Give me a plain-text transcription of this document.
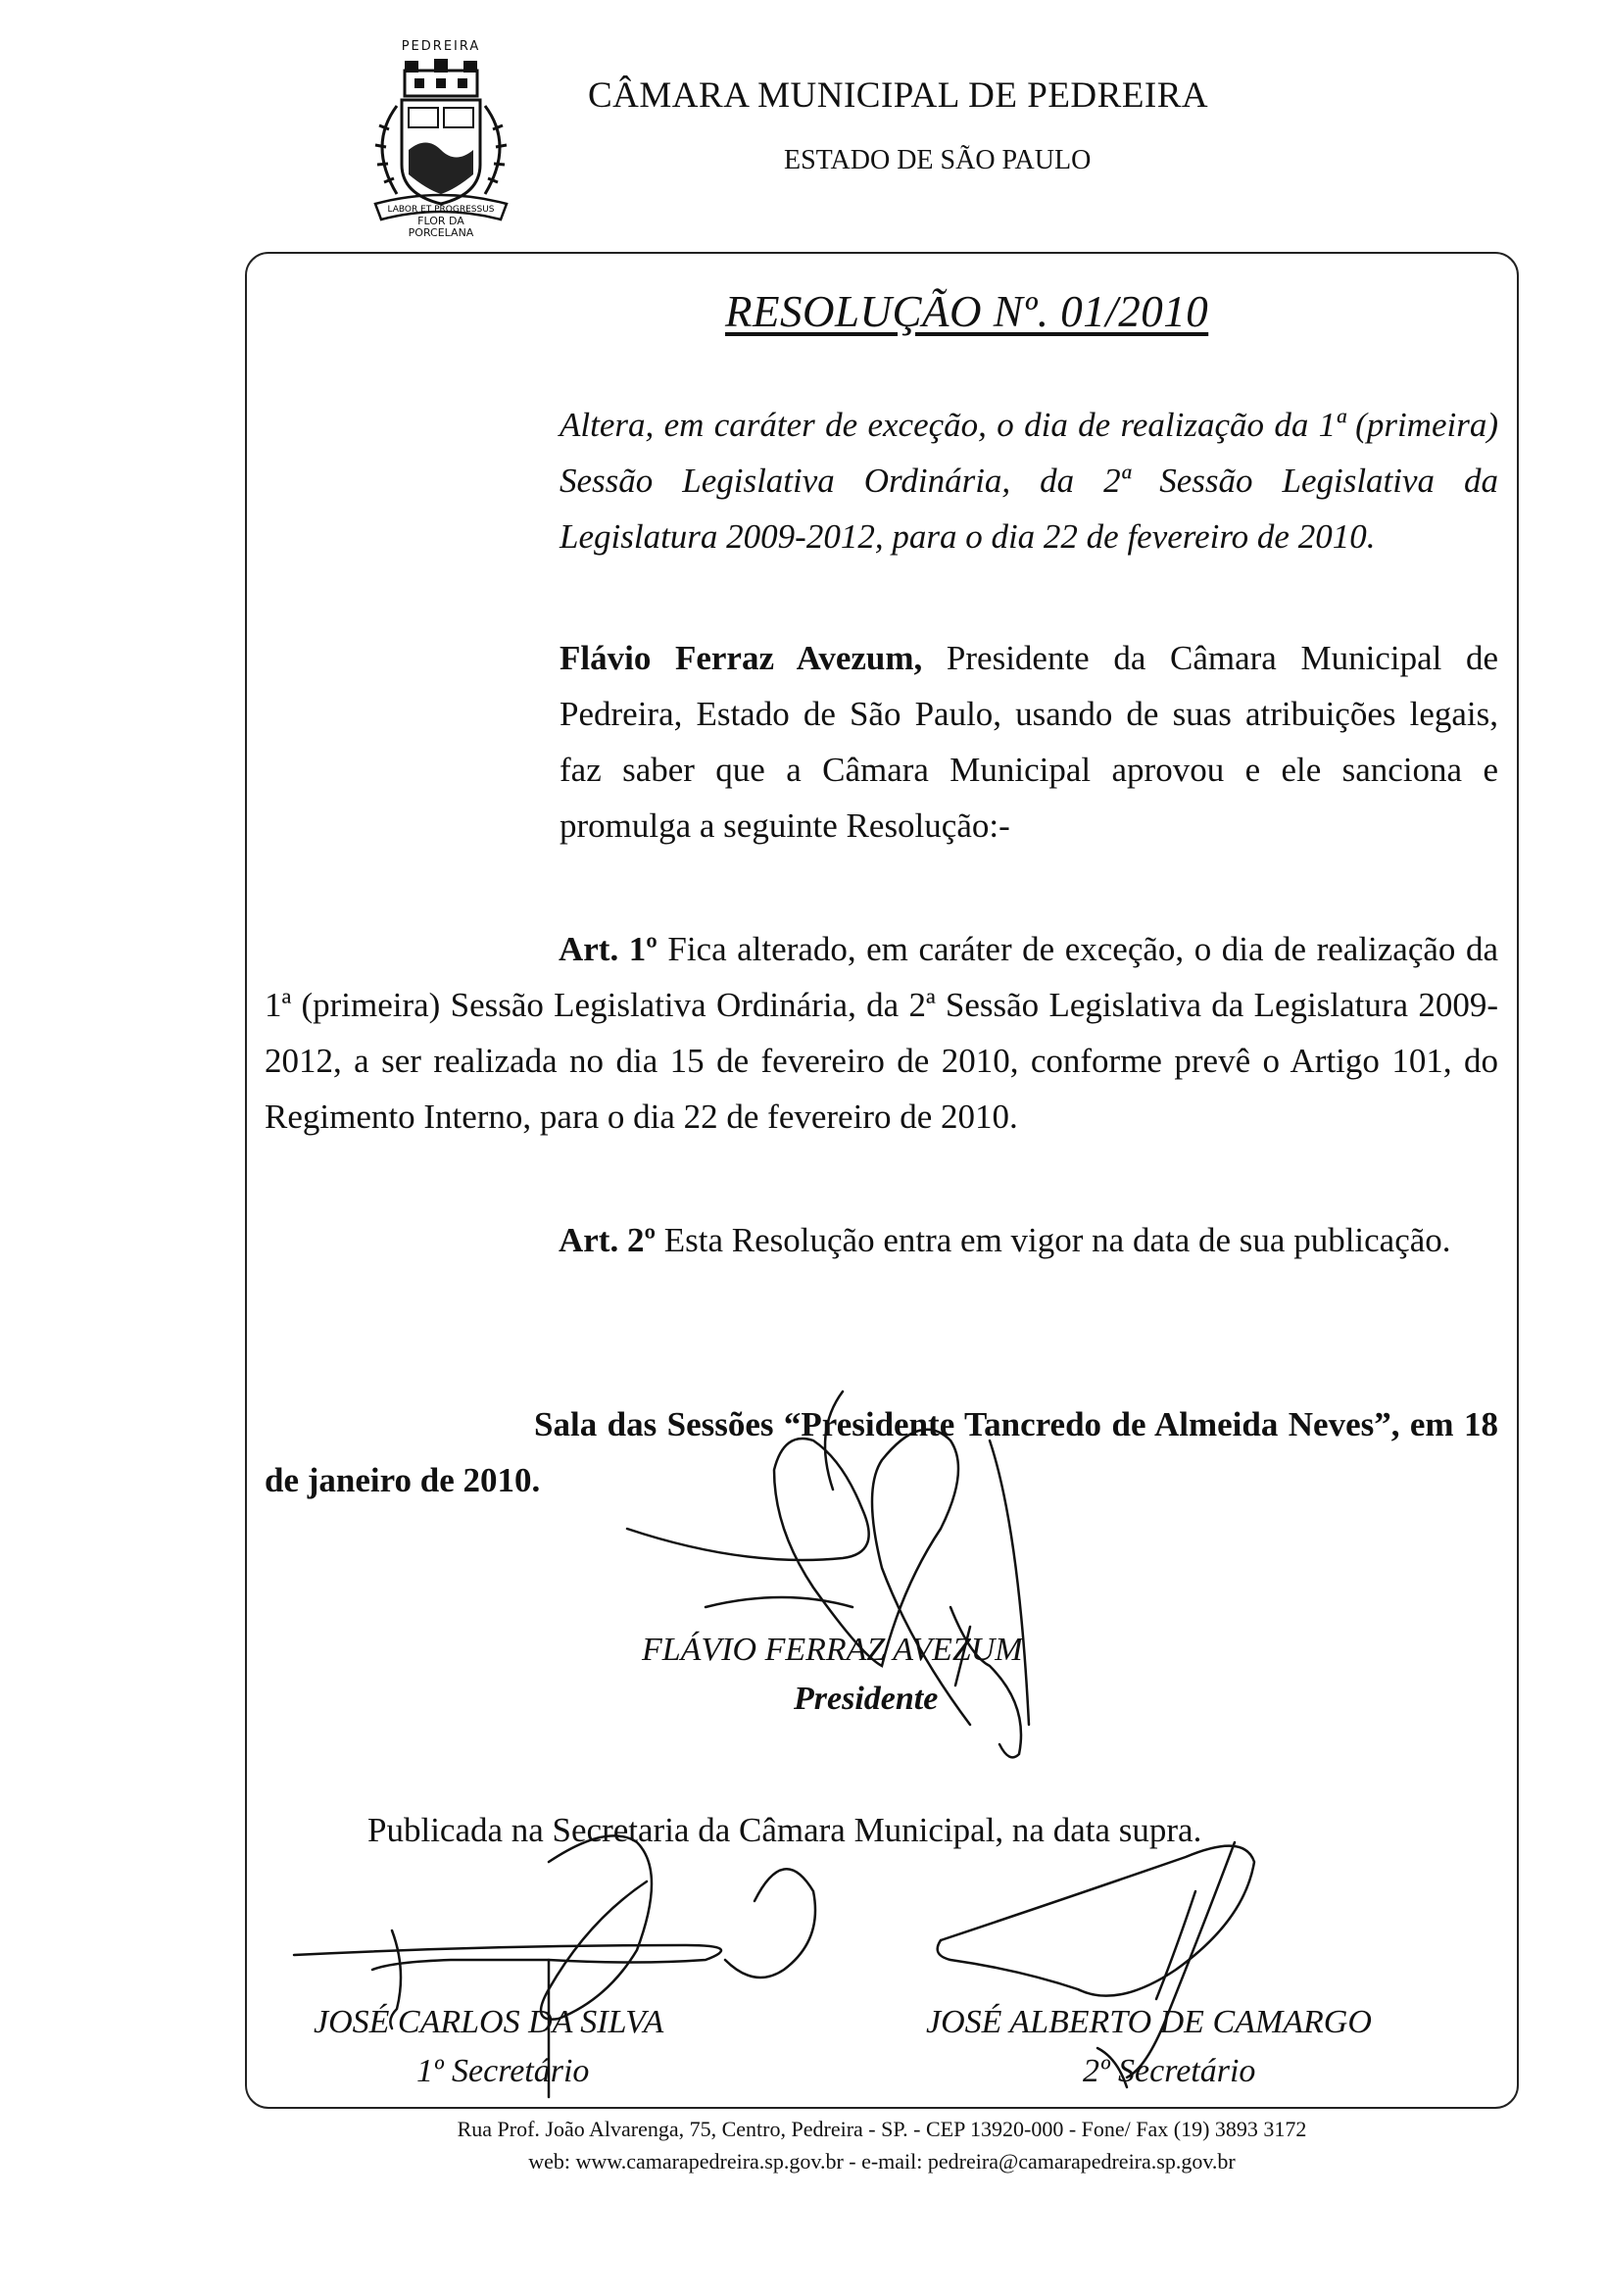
PEDREIRA
LABOR ET PROGRESSUS
FLOR DA
PORCELANA
CÂMARA MUNICIPAL DE PEDREIRA
ESTADO DE SÃO PAULO
RESOLUÇÃO Nº. 01/2010
Altera, em caráter de exceção, o dia de realização da 1ª (primeira) Sessão Legislativa Ordinária, da 2ª Sessão Legislativa da Legislatura 2009-2012, para o dia 22 de fevereiro de 2010.
Flávio Ferraz Avezum, Presidente da Câmara Municipal de Pedreira, Estado de São Paulo, usando de suas atribuições legais, faz saber que a Câmara Municipal aprovou e ele sanciona e promulga a seguinte Resolução:-
Art. 1º Fica alterado, em caráter de exceção, o dia de realização da 1ª (primeira) Sessão Legislativa Ordinária, da 2ª Sessão Legislativa da Legislatura 2009-2012, a ser realizada no dia 15 de fevereiro de 2010, conforme prevê o Artigo 101, do Regimento Interno, para o dia 22 de fevereiro de 2010.
Art. 2º Esta Resolução entra em vigor na data de sua publicação.
Sala das Sessões “Presidente Tancredo de Almeida Neves”, em 18 de janeiro de 2010.
FLÁVIO FERRAZ AVEZUM
Presidente
Publicada na Secretaria da Câmara Municipal, na data supra.
JOSÉ CARLOS DA SILVA
1º Secretário
JOSÉ ALBERTO DE CAMARGO
2º Secretário
Rua Prof. João Alvarenga, 75, Centro, Pedreira - SP. - CEP 13920-000 - Fone/ Fax (19) 3893 3172
web: www.camarapedreira.sp.gov.br - e-mail: pedreira@camarapedreira.sp.gov.br
